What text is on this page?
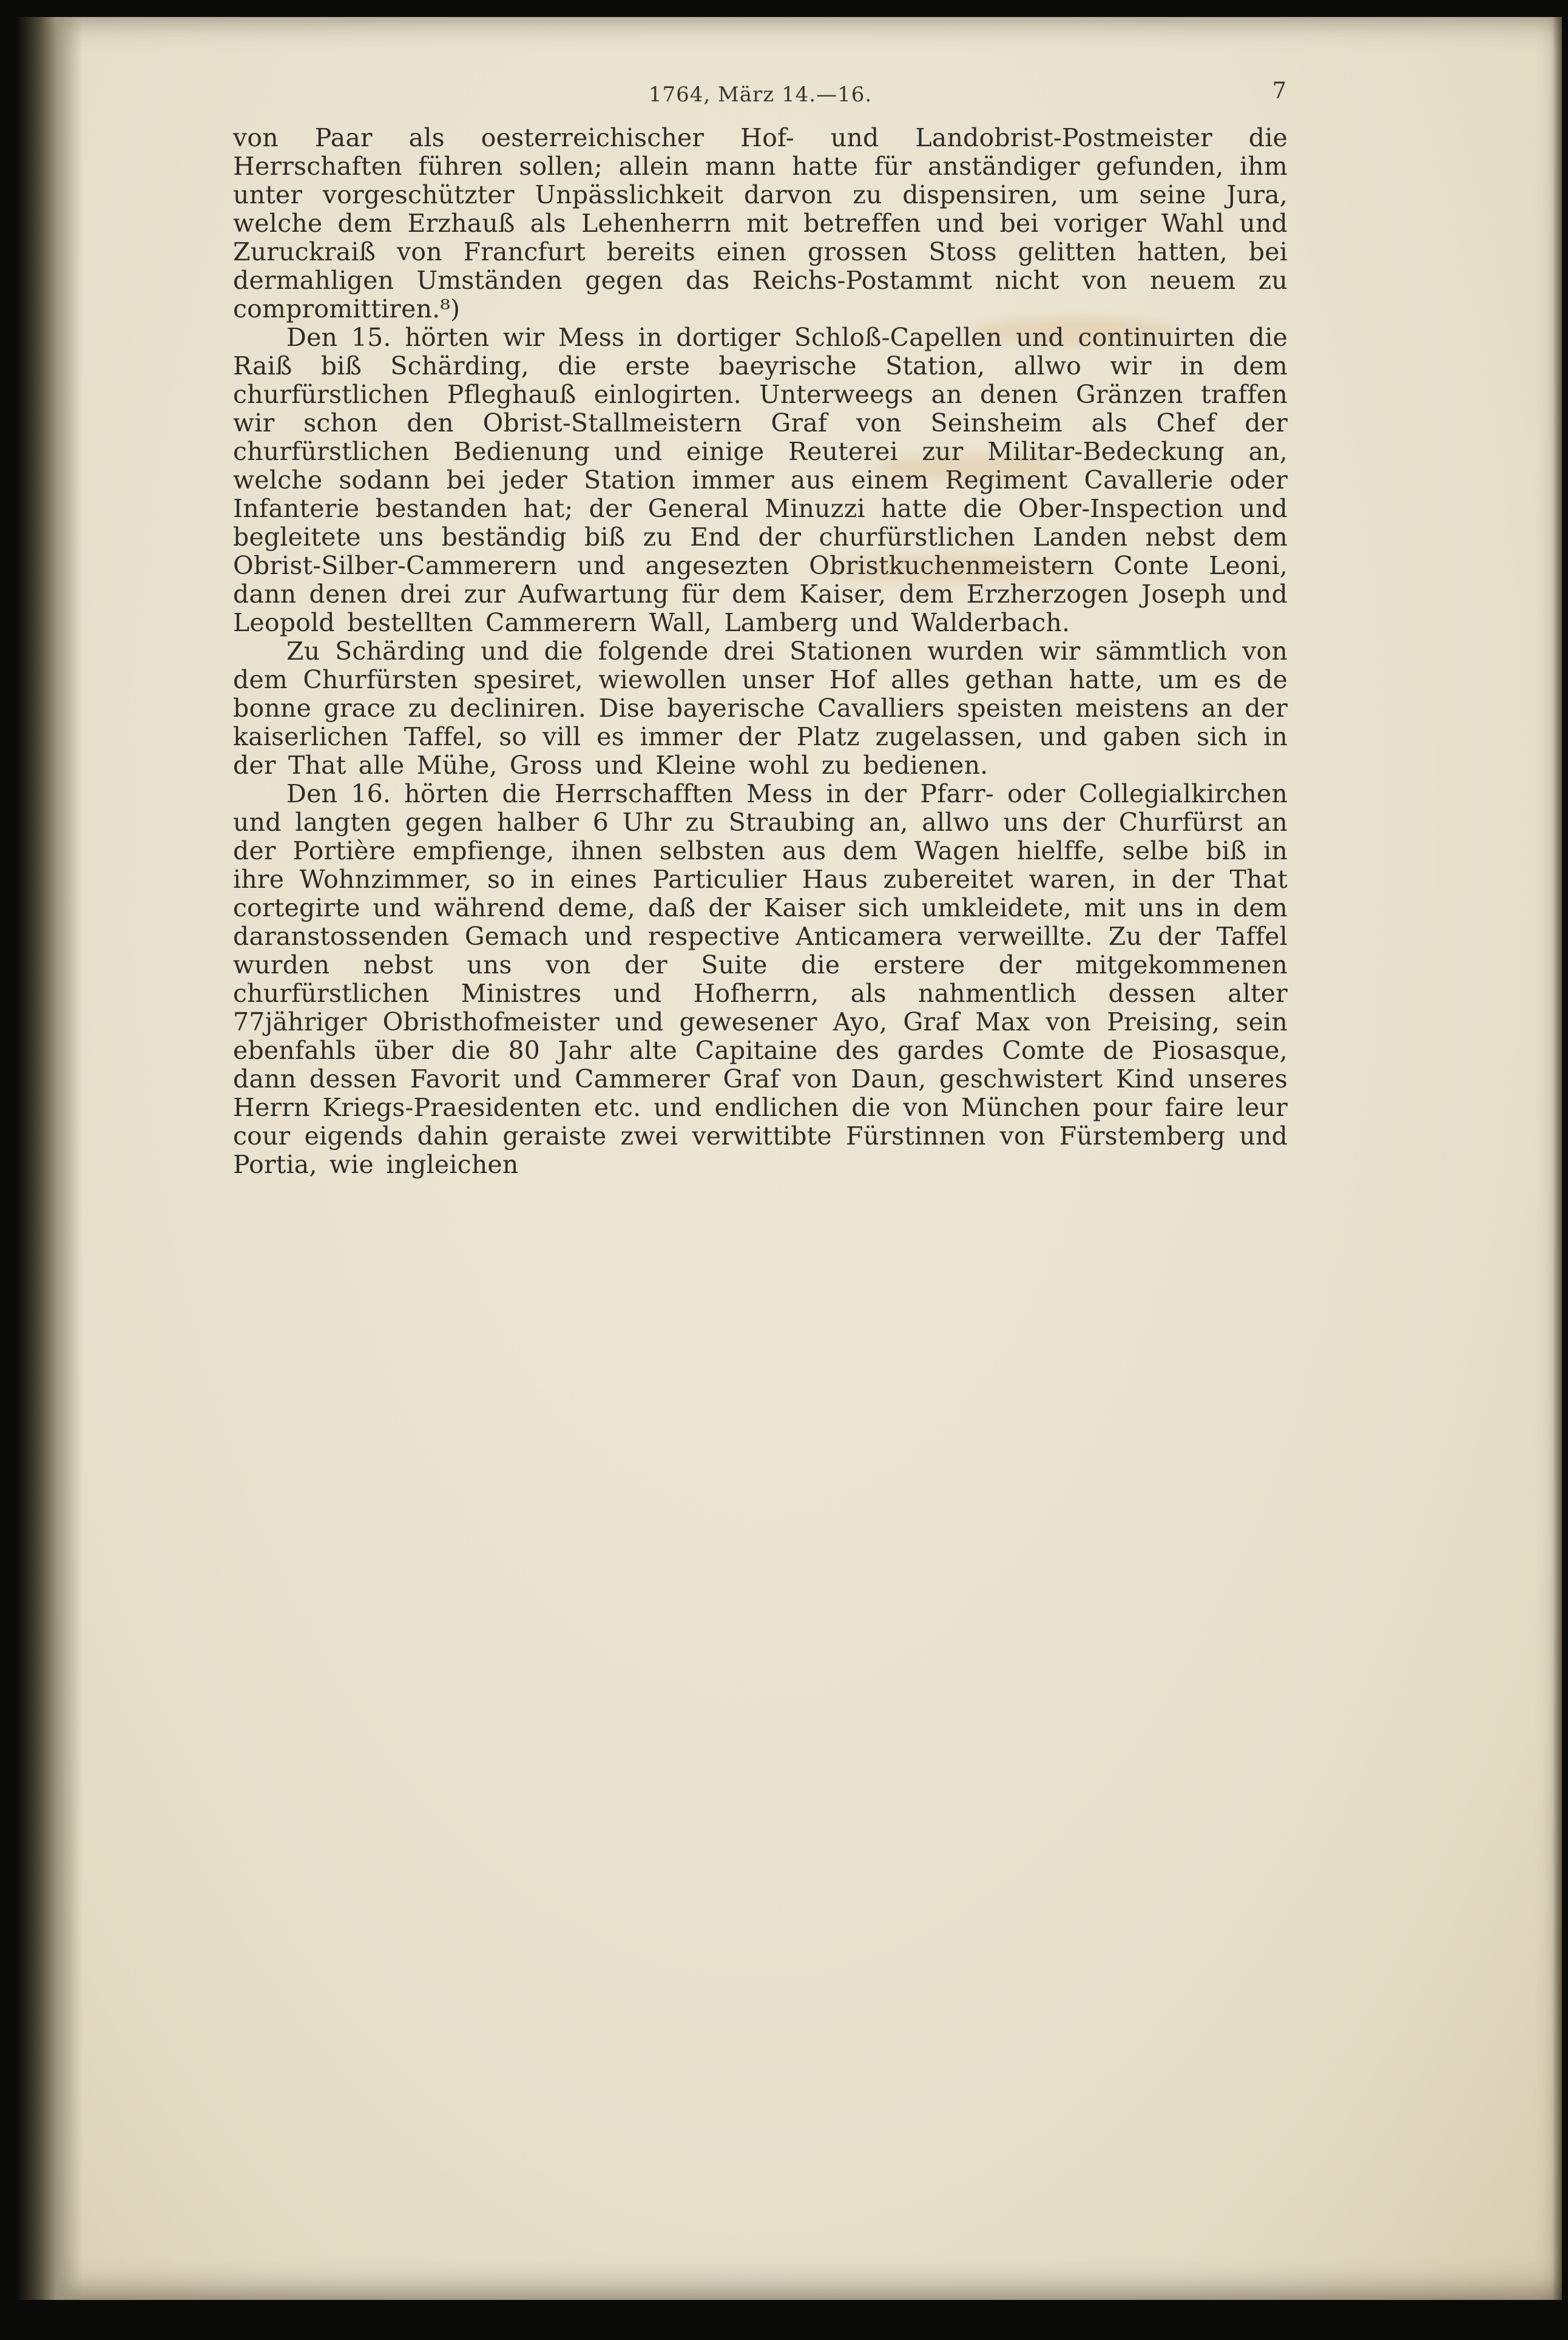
1764, März 14.—16.	7

von Paar als oesterreichischer Hof- und Landobrist-Postmeister die Herrschaften führen sollen; allein mann hatte für anständiger gefunden, ihm unter vorgeschützter Unpässlichkeit darvon zu dispensiren, um seine Jura, welche dem Erzhauß als Lehenherrn mit betreffen und bei voriger Wahl und Zuruckraiß von Francfurt bereits einen grossen Stoss gelitten hatten, bei dermahligen Umständen gegen das Reichs-Postammt nicht von neuem zu compromittiren.⁸)

Den 15. hörten wir Mess in dortiger Schloß-Capellen und continuirten die Raiß biß Schärding, die erste baeyrische Station, allwo wir in dem churfürstlichen Pfleghauß einlogirten. Unterweegs an denen Gränzen traffen wir schon den Obrist-Stallmeistern Graf von Seinsheim als Chef der churfürstlichen Bedienung und einige Reuterei zur Militar-Bedeckung an, welche sodann bei jeder Station immer aus einem Regiment Cavallerie oder Infanterie bestanden hat; der General Minuzzi hatte die Ober-Inspection und begleitete uns beständig biß zu End der churfürstlichen Landen nebst dem Obrist-Silber-Cammerern und angesezten Obristkuchenmeistern Conte Leoni, dann denen drei zur Aufwartung für dem Kaiser, dem Erzherzogen Joseph und Leopold bestellten Cammerern Wall, Lamberg und Walderbach.

Zu Schärding und die folgende drei Stationen wurden wir sämmtlich von dem Churfürsten spesiret, wiewollen unser Hof alles gethan hatte, um es de bonne grace zu decliniren. Dise bayerische Cavalliers speisten meistens an der kaiserlichen Taffel, so vill es immer der Platz zugelassen, und gaben sich in der That alle Mühe, Gross und Kleine wohl zu bedienen.

Den 16. hörten die Herrschafften Mess in der Pfarr- oder Collegialkirchen und langten gegen halber 6 Uhr zu Straubing an, allwo uns der Churfürst an der Portière empfienge, ihnen selbsten aus dem Wagen hielffe, selbe biß in ihre Wohnzimmer, so in eines Particulier Haus zubereitet waren, in der That cortegirte und während deme, daß der Kaiser sich umkleidete, mit uns in dem daranstossenden Gemach und respective Anticamera verweillte. Zu der Taffel wurden nebst uns von der Suite die erstere der mitgekommenen churfürstlichen Ministres und Hofherrn, als nahmentlich dessen alter 77jähriger Obristhofmeister und gewesener Ayo, Graf Max von Preising, sein ebenfahls über die 80 Jahr alte Capitaine des gardes Comte de Piosasque, dann dessen Favorit und Cammerer Graf von Daun, geschwistert Kind unseres Herrn Kriegs-Praesidenten etc. und endlichen die von München pour faire leur cour eigends dahin geraiste zwei verwittibte Fürstinnen von Fürstemberg und Portia, wie ingleichen
